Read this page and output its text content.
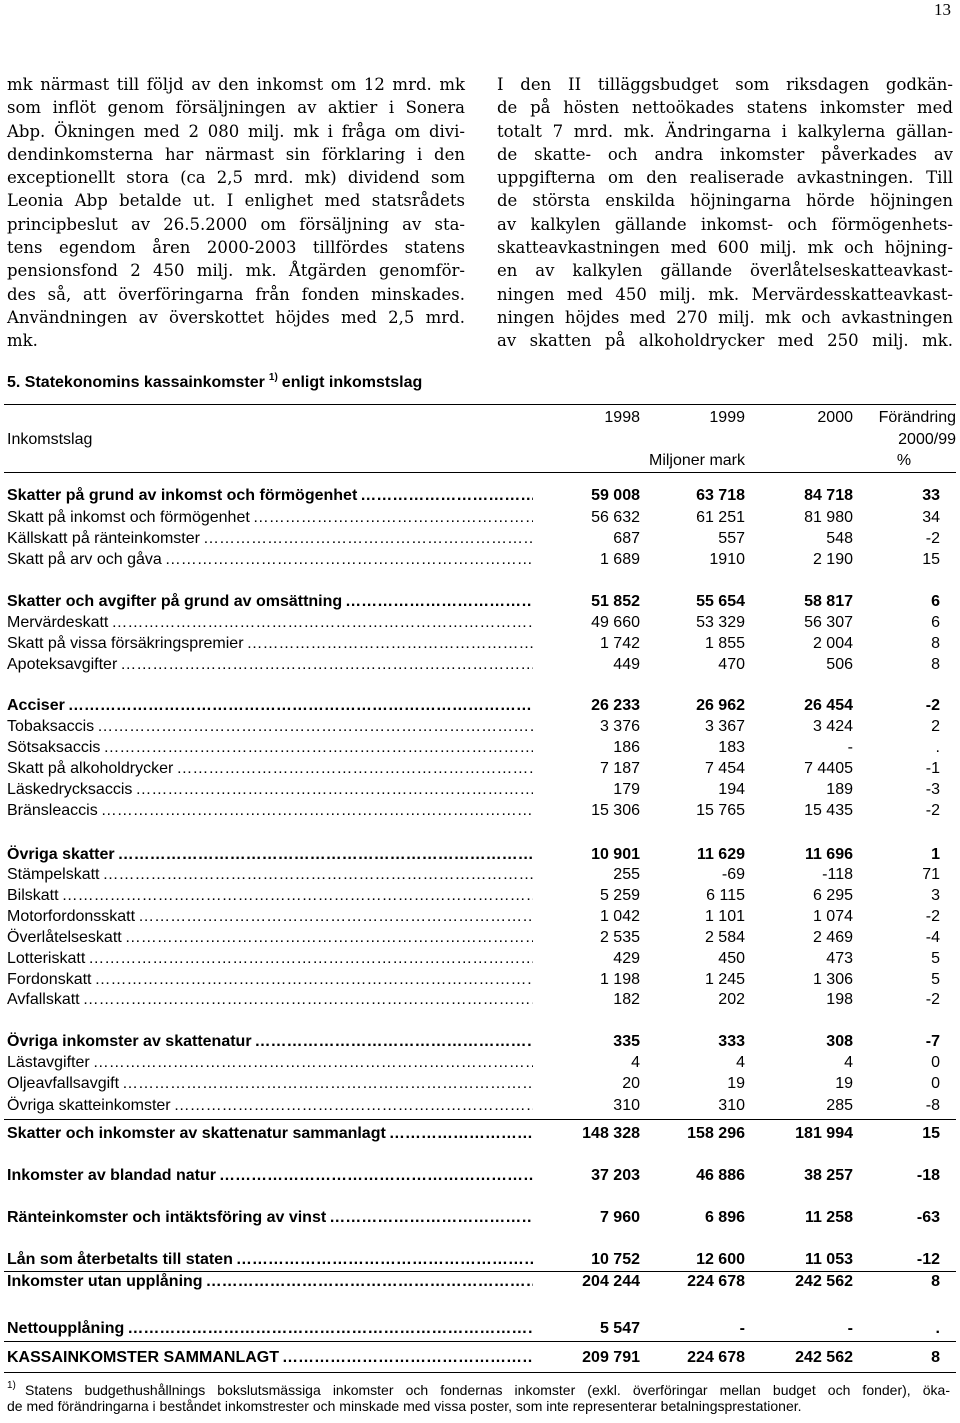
13
mk närmast till följd av den inkomst om 12 mrd. mk
som inflöt genom försäljningen av aktier i Sonera
Abp. Ökningen med 2 080 milj. mk i fråga om divi-
dendinkomsterna har närmast sin förklaring i den
exceptionellt stora (ca 2,5 mrd. mk) dividend som
Leonia Abp betalde ut. I enlighet med statsrådets
principbeslut av 26.5.2000 om försäljning av sta-
tens egendom åren 2000-2003 tillfördes statens
pensionsfond 2 450 milj. mk. Åtgärden genomför-
des så, att överföringarna från fonden minskades.
Användningen av överskottet höjdes med 2,5 mrd.
mk.
I den II tilläggsbudget som riksdagen godkän-
de på hösten nettoökades statens inkomster med
totalt 7 mrd. mk. Ändringarna i kalkylerna gällan-
de skatte- och andra inkomster påverkades av
uppgifterna om den realiserade avkastningen. Till
de största enskilda höjningarna hörde höjningen
av kalkylen gällande inkomst- och förmögenhets-
skatteavkastningen med 600 milj. mk och höjning-
en av kalkylen gällande överlåtelseskatteavkast-
ningen med 450 milj. mk. Mervärdesskatteavkast-
ningen höjdes med 270 milj. mk och avkastningen
av skatten på alkoholdrycker med 250 milj. mk.
5. Statekonomins kassainkomster $^{1)}$ enligt inkomstslag
1998	1999	2000 Förändring
Inkomstslag	2000/99
Miljoner mark	%
Skatter på grund av inkomst och förmögenhet ………………………………………………………………………………………………	59 008	63 718	84 718	33
Skatt på inkomst och förmögenhet ………………………………………………………………………………………………	56 632	61 251	81 980	34
Källskatt på ränteinkomster ………………………………………………………………………………………………	687	557	548	-2
Skatt på arv och gåva ………………………………………………………………………………………………	1 689	1910	2 190	15
Skatter och avgifter på grund av omsättning ………………………………………………………………………………………………	51 852	55 654	58 817	6
Mervärdeskatt ………………………………………………………………………………………………	49 660	53 329	56 307	6
Skatt på vissa försäkringspremier ………………………………………………………………………………………………	1 742	1 855	2 004	8
Apoteksavgifter ………………………………………………………………………………………………	449	470	506	8
Acciser ………………………………………………………………………………………………	26 233	26 962	26 454	-2
Tobaksaccis ………………………………………………………………………………………………	3 376	3 367	3 424	2
Sötsaksaccis ………………………………………………………………………………………………	186	183	-	.
Skatt på alkoholdrycker ………………………………………………………………………………………………	7 187	7 454	7 4405	-1
Läskedrycksaccis ………………………………………………………………………………………………	179	194	189	-3
Bränsleaccis ………………………………………………………………………………………………	15 306	15 765	15 435	-2
Övriga skatter ………………………………………………………………………………………………	10 901	11 629	11 696	1
Stämpelskatt ………………………………………………………………………………………………	255	-69	-118	71
Bilskatt ………………………………………………………………………………………………	5 259	6 115	6 295	3
Motorfordonsskatt ………………………………………………………………………………………………	1 042	1 101	1 074	-2
Överlåtelseskatt ………………………………………………………………………………………………	2 535	2 584	2 469	-4
Lotteriskatt ………………………………………………………………………………………………	429	450	473	5
Fordonskatt ………………………………………………………………………………………………	1 198	1 245	1 306	5
Avfallskatt ………………………………………………………………………………………………	182	202	198	-2
Övriga inkomster av skattenatur ………………………………………………………………………………………………	335	333	308	-7
Lästavgifter ………………………………………………………………………………………………	4	4	4	0
Oljeavfallsavgift ………………………………………………………………………………………………	20	19	19	0
Övriga skatteinkomster ………………………………………………………………………………………………	310	310	285	-8
Skatter och inkomster av skattenatur sammanlagt ………………………………………………………………………………………………	148 328	158 296	181 994	15
Inkomster av blandad natur ………………………………………………………………………………………………	37 203	46 886	38 257	-18
Ränteinkomster och intäktsföring av vinst ………………………………………………………………………………………………	7 960	6 896	11 258	-63
Lån som återbetalts till staten ………………………………………………………………………………………………	10 752	12 600	11 053	-12
Inkomster utan upplåning ………………………………………………………………………………………………	204 244	224 678	242 562	8
Nettoupplåning ………………………………………………………………………………………………	5 547	-	-	.
KASSAINKOMSTER SAMMANLAGT ………………………………………………………………………………………………	209 791	224 678	242 562	8
1) Statens budgethushållnings bokslutsmässiga inkomster och fondernas inkomster (exkl. överföringar mellan budget och fonder), öka-
de med förändringarna i beståndet inkomstrester och minskade med vissa poster, som inte representerar betalningsprestationer.
